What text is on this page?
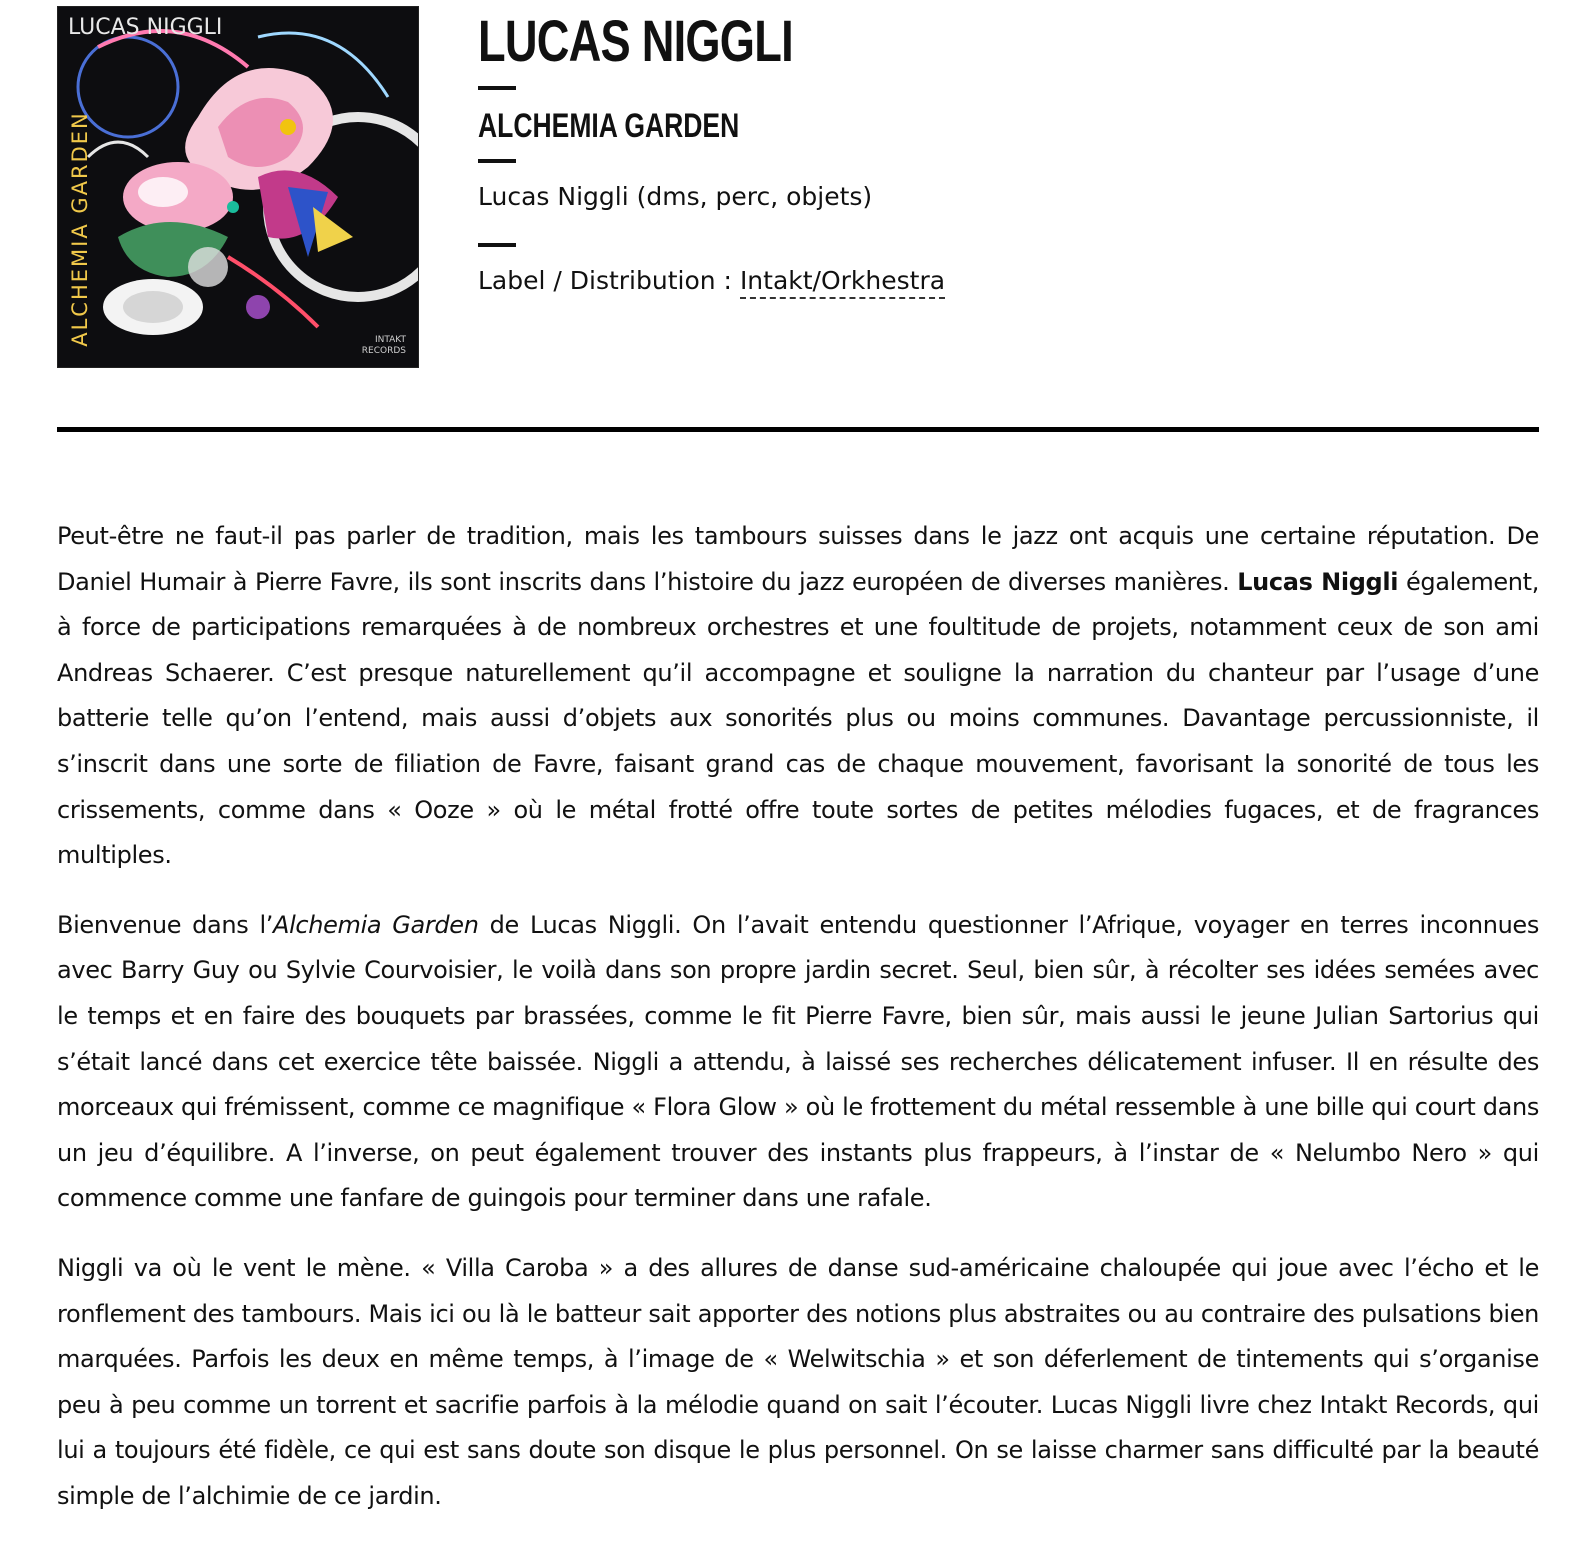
LUCAS NIGGLI
ALCHEMIA GARDEN	INTAKT
RECORDS
LUCAS NIGGLI
ALCHEMIA GARDEN
Lucas Niggli (dms, perc, objets)
Label / Distribution : Intakt/Orkhestra

Peut-être ne faut-il pas parler de tradition, mais les tambours suisses dans le jazz ont acquis une certaine réputation. De Daniel Humair à Pierre Favre, ils sont inscrits dans l’histoire du jazz européen de diverses manières. Lucas Niggli également, à force de participations remarquées à de nombreux orchestres et une foultitude de projets, notamment ceux de son ami Andreas Schaerer. C’est presque naturellement qu’il accompagne et souligne la narration du chanteur par l’usage d’une batterie telle qu’on l’entend, mais aussi d’objets aux sonorités plus ou moins communes. Davantage percussionniste, il s’inscrit dans une sorte de filiation de Favre, faisant grand cas de chaque mouvement, favorisant la sonorité de tous les crissements, comme dans « Ooze » où le métal frotté offre toute sortes de petites mélodies fugaces, et de fragrances multiples.

Bienvenue dans l’Alchemia Garden de Lucas Niggli. On l’avait entendu questionner l’Afrique, voyager en terres inconnues avec Barry Guy ou Sylvie Courvoisier, le voilà dans son propre jardin secret. Seul, bien sûr, à récolter ses idées semées avec le temps et en faire des bouquets par brassées, comme le fit Pierre Favre, bien sûr, mais aussi le jeune Julian Sartorius qui s’était lancé dans cet exercice tête baissée. Niggli a attendu, à laissé ses recherches délicatement infuser. Il en résulte des morceaux qui frémissent, comme ce magnifique « Flora Glow » où le frottement du métal ressemble à une bille qui court dans un jeu d’équilibre. A l’inverse, on peut également trouver des instants plus frappeurs, à l’instar de « Nelumbo Nero » qui commence comme une fanfare de guingois pour terminer dans une rafale.

Niggli va où le vent le mène. « Villa Caroba » a des allures de danse sud-américaine chaloupée qui joue avec l’écho et le ronflement des tambours. Mais ici ou là le batteur sait apporter des notions plus abstraites ou au contraire des pulsations bien marquées. Parfois les deux en même temps, à l’image de « Welwitschia » et son déferlement de tintements qui s’organise peu à peu comme un torrent et sacrifie parfois à la mélodie quand on sait l’écouter. Lucas Niggli livre chez Intakt Records, qui lui a toujours été fidèle, ce qui est sans doute son disque le plus personnel. On se laisse charmer sans difficulté par la beauté simple de l’alchimie de ce jardin.
